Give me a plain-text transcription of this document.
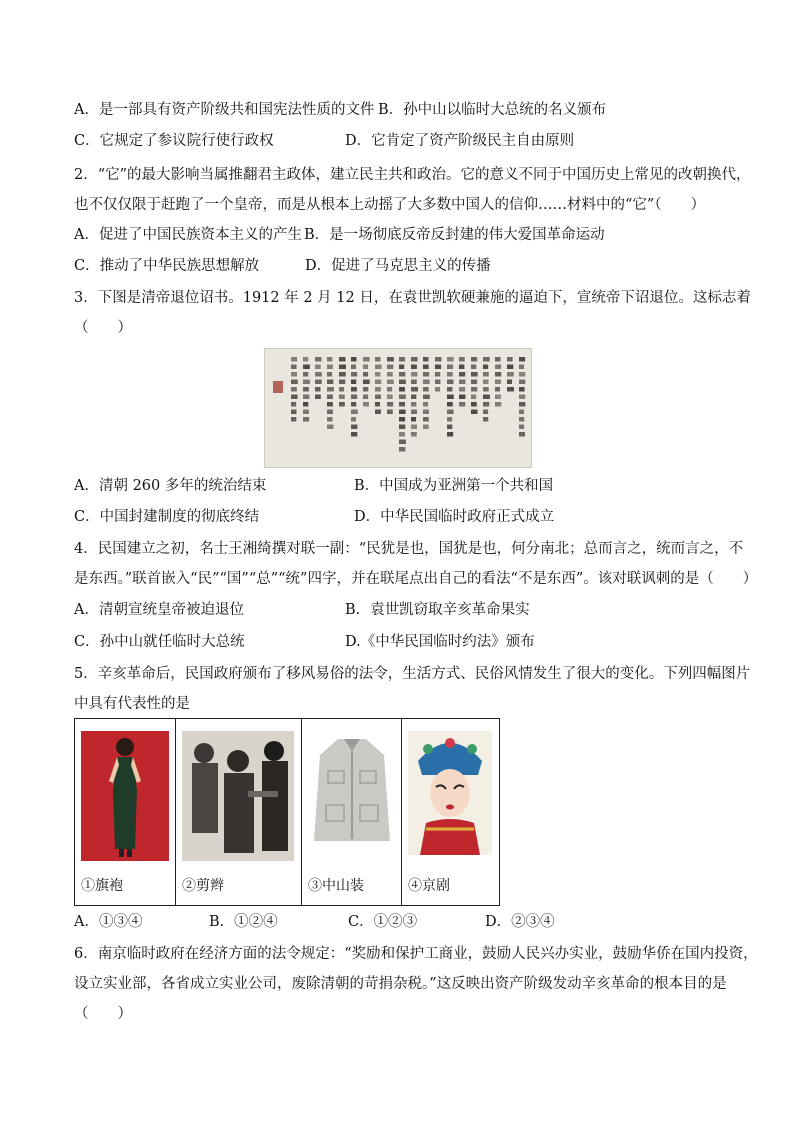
A．是一部具有资产阶级共和国宪法性质的文件 B．孙中山以临时大总统的名义颁布
C．它规定了参议院行使行政权	D．它肯定了资产阶级民主自由原则
2．“它”的最大影响当属推翻君主政体，建立民主共和政治。它的意义不同于中国历史上常见的改朝换代，
也不仅仅限于赶跑了一个皇帝，而是从根本上动摇了大多数中国人的信仰……材料中的“它”（　　）
A．促进了中国民族资本主义的产生 B．是一场彻底反帝反封建的伟大爱国革命运动
C．推动了中华民族思想解放	D．促进了马克思主义的传播
3．下图是清帝退位诏书。1912 年 2 月 12 日，在袁世凯软硬兼施的逼迫下，宣统帝下诏退位。这标志着
（　　）
A．清朝 260 多年的统治结束	B．中国成为亚洲第一个共和国
C．中国封建制度的彻底终结	D．中华民国临时政府正式成立
4．民国建立之初，名士王湘绮撰对联一副：“民犹是也，国犹是也，何分南北；总而言之，统而言之，不
是东西。”联首嵌入“民”“国”“总”“统”四字，并在联尾点出自己的看法“不是东西”。该对联讽刺的是（　　）
A．清朝宣统皇帝被迫退位	B．袁世凯窃取辛亥革命果实
C．孙中山就任临时大总统	D.《中华民国临时约法》颁布
5．辛亥革命后，民国政府颁布了移风易俗的法令，生活方式、民俗风情发生了很大的变化。下列四幅图片
中具有代表性的是
①旗袍	②剪辫	③中山装	④京剧
A．①③④	B．①②④	C．①②③	D．②③④
6．南京临时政府在经济方面的法令规定：“奖励和保护工商业，鼓励人民兴办实业，鼓励华侨在国内投资，
设立实业部，各省成立实业公司，废除清朝的苛捐杂税。”这反映出资产阶级发动辛亥革命的根本目的是
（　　）
